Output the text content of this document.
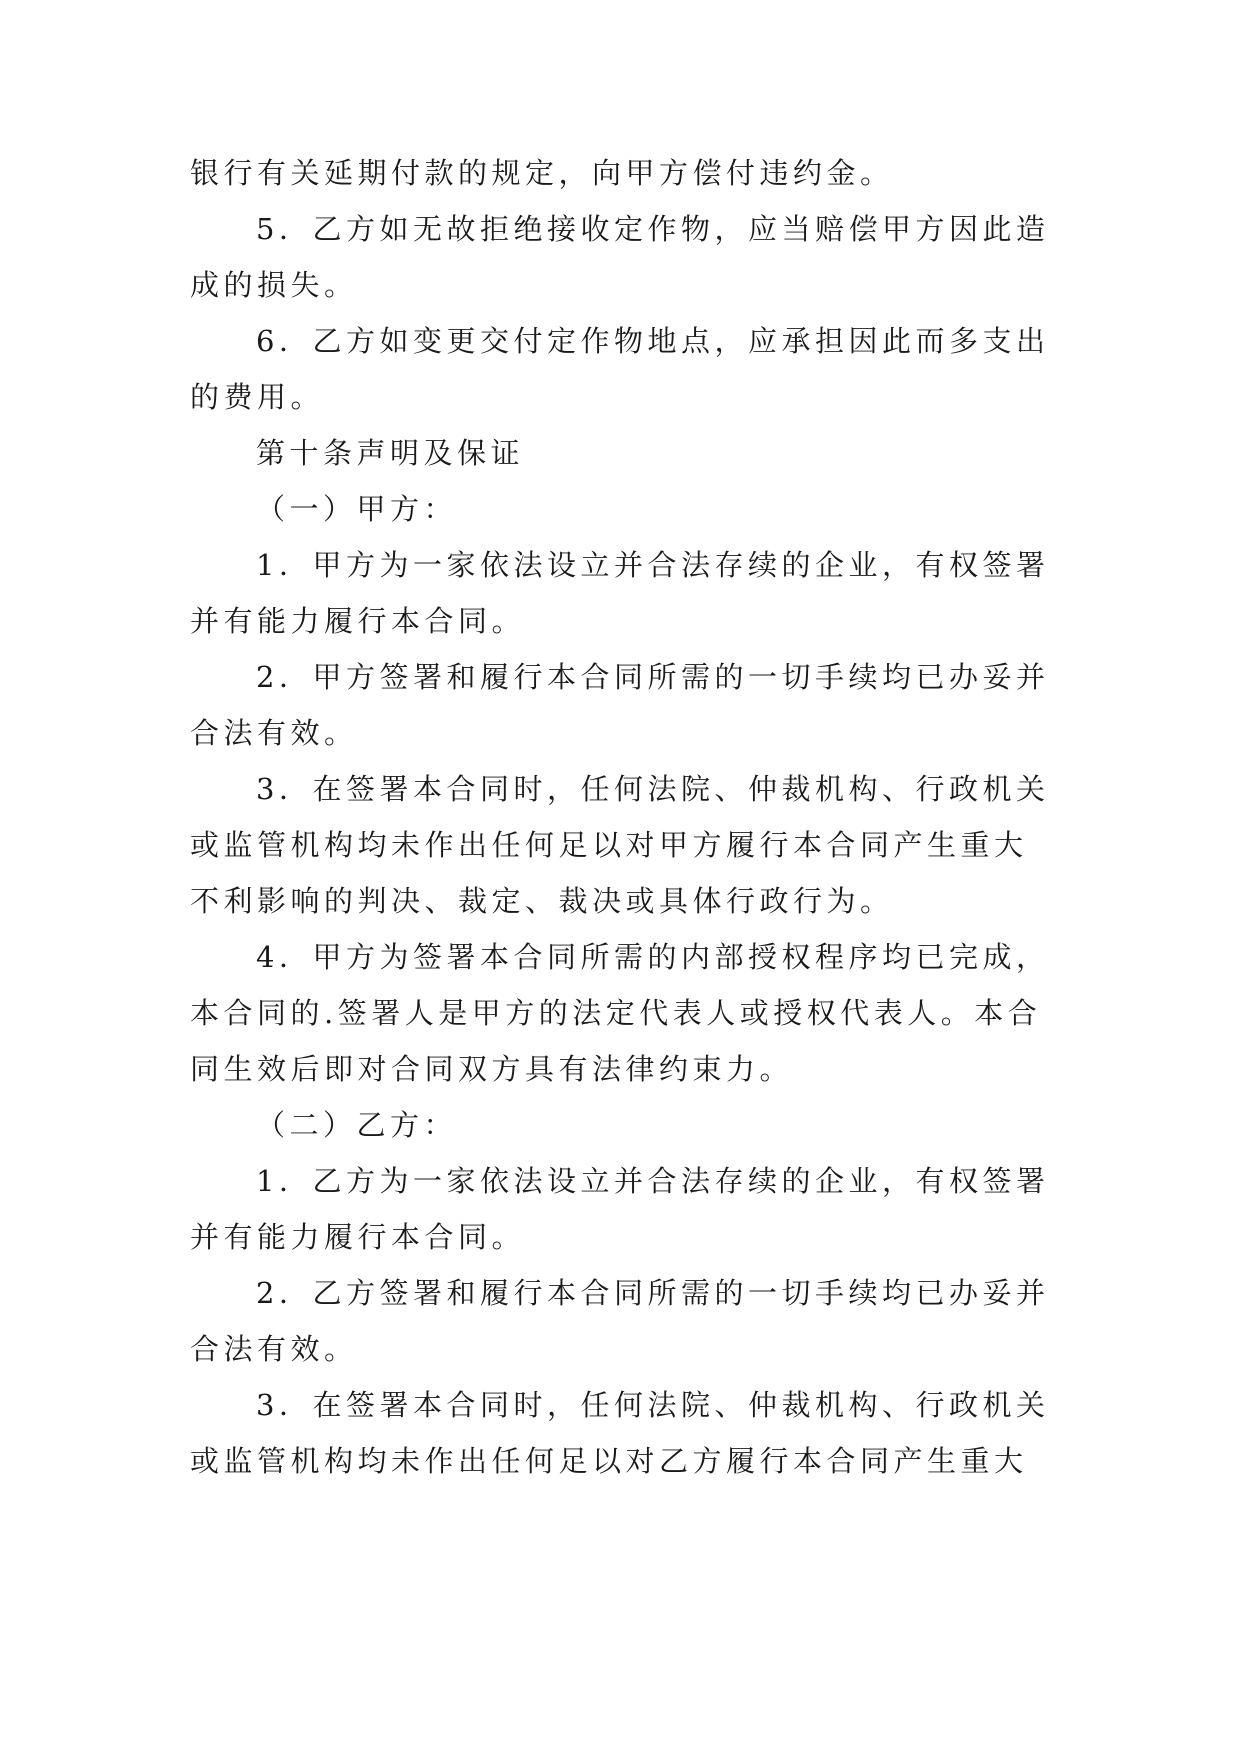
银行有关延期付款的规定，向甲方偿付违约金。
5．乙方如无故拒绝接收定作物，应当赔偿甲方因此造
成的损失。
6．乙方如变更交付定作物地点，应承担因此而多支出
的费用。
第十条声明及保证
（一）甲方：
1．甲方为一家依法设立并合法存续的企业，有权签署
并有能力履行本合同。
2．甲方签署和履行本合同所需的一切手续均已办妥并
合法有效。
3．在签署本合同时，任何法院、仲裁机构、行政机关
或监管机构均未作出任何足以对甲方履行本合同产生重大
不利影响的判决、裁定、裁决或具体行政行为。
4．甲方为签署本合同所需的内部授权程序均已完成，
本合同的.签署人是甲方的法定代表人或授权代表人。本合
同生效后即对合同双方具有法律约束力。
（二）乙方：
1．乙方为一家依法设立并合法存续的企业，有权签署
并有能力履行本合同。
2．乙方签署和履行本合同所需的一切手续均已办妥并
合法有效。
3．在签署本合同时，任何法院、仲裁机构、行政机关
或监管机构均未作出任何足以对乙方履行本合同产生重大
